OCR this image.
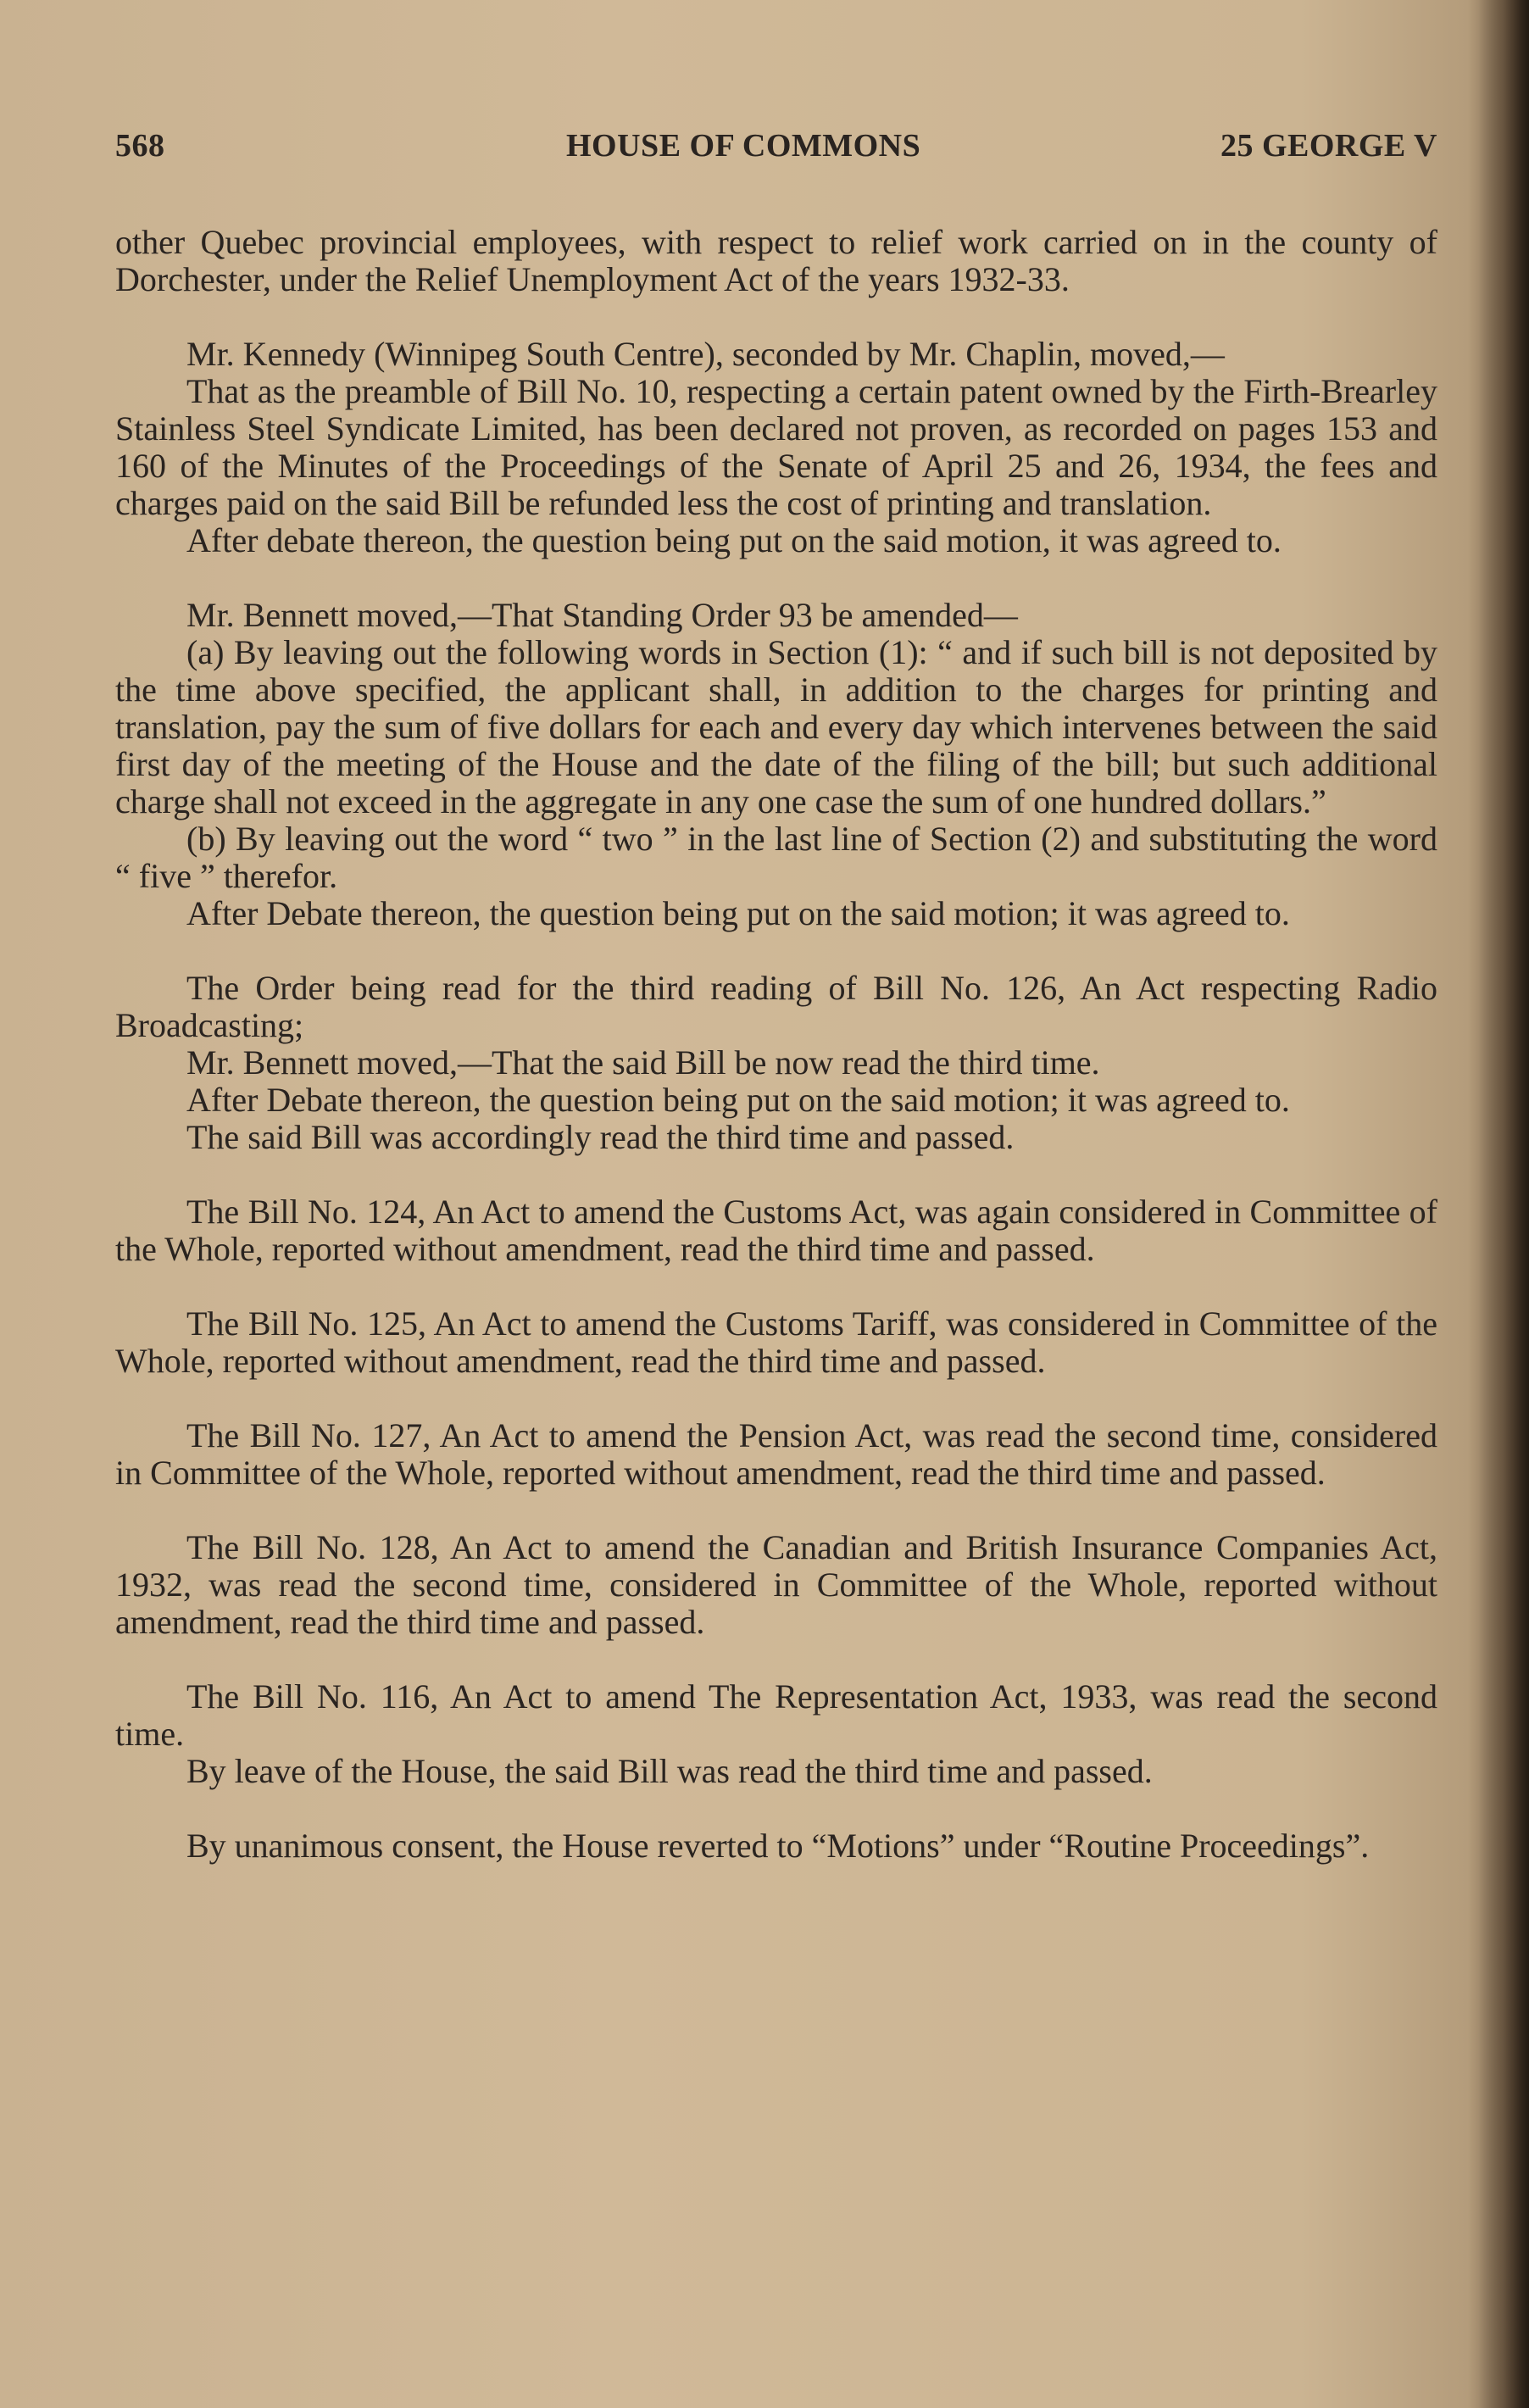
568	HOUSE OF COMMONS	25 GEORGE V

other Quebec provincial employees, with respect to relief work carried on in the county of Dorchester, under the Relief Unemployment Act of the years 1932-33.

Mr. Kennedy (Winnipeg South Centre), seconded by Mr. Chaplin, moved,—

That as the preamble of Bill No. 10, respecting a certain patent owned by the Firth-Brearley Stainless Steel Syndicate Limited, has been declared not proven, as recorded on pages 153 and 160 of the Minutes of the Proceedings of the Senate of April 25 and 26, 1934, the fees and charges paid on the said Bill be refunded less the cost of printing and translation.

After debate thereon, the question being put on the said motion, it was agreed to.

Mr. Bennett moved,—That Standing Order 93 be amended—

(a) By leaving out the following words in Section (1): “ and if such bill is not deposited by the time above specified, the applicant shall, in addition to the charges for printing and translation, pay the sum of five dollars for each and every day which intervenes between the said first day of the meeting of the House and the date of the filing of the bill; but such additional charge shall not exceed in the aggregate in any one case the sum of one hundred dollars.”

(b) By leaving out the word “ two ” in the last line of Section (2) and substituting the word “ five ” therefor.

After Debate thereon, the question being put on the said motion; it was agreed to.

The Order being read for the third reading of Bill No. 126, An Act respecting Radio Broadcasting;

Mr. Bennett moved,—That the said Bill be now read the third time.

After Debate thereon, the question being put on the said motion; it was agreed to.

The said Bill was accordingly read the third time and passed.

The Bill No. 124, An Act to amend the Customs Act, was again considered in Committee of the Whole, reported without amendment, read the third time and passed.

The Bill No. 125, An Act to amend the Customs Tariff, was considered in Committee of the Whole, reported without amendment, read the third time and passed.

The Bill No. 127, An Act to amend the Pension Act, was read the second time, considered in Committee of the Whole, reported without amendment, read the third time and passed.

The Bill No. 128, An Act to amend the Canadian and British Insurance Companies Act, 1932, was read the second time, considered in Committee of the Whole, reported without amendment, read the third time and passed.

The Bill No. 116, An Act to amend The Representation Act, 1933, was read the second time.

By leave of the House, the said Bill was read the third time and passed.

By unanimous consent, the House reverted to “Motions” under “Routine Proceedings”.
